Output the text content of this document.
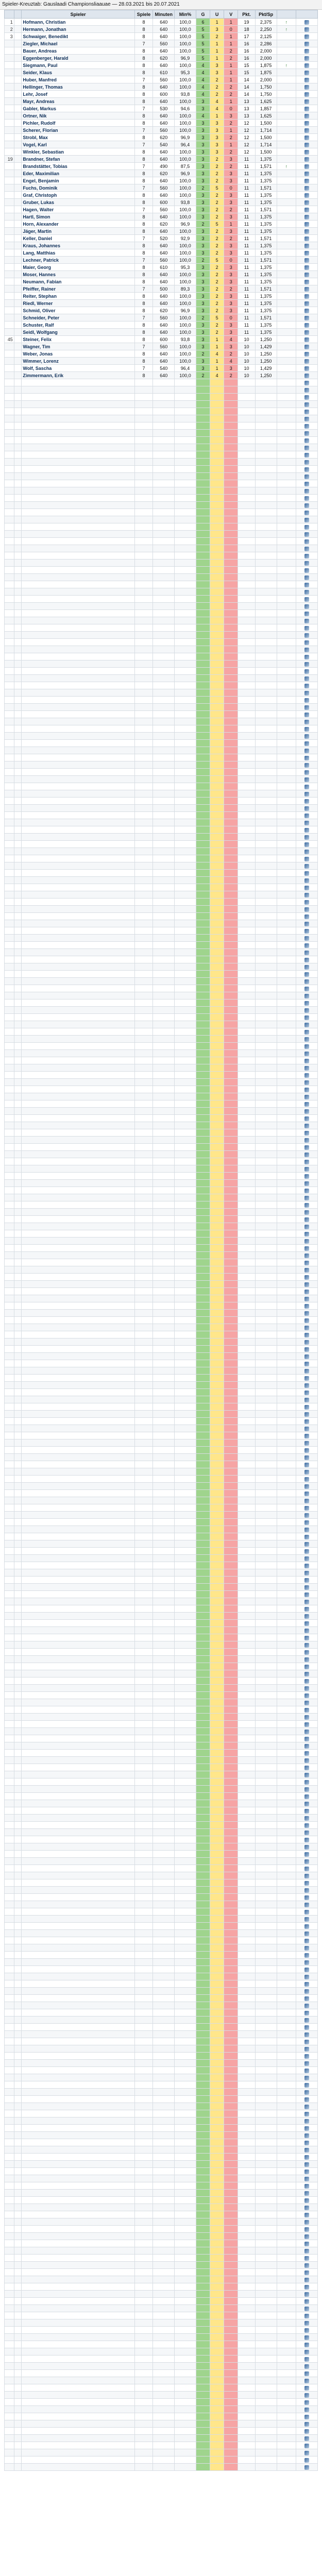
Spieler-Kreuztab: Gauslaadi Championsliaauae — 28.03.2021 bis 20.07.2021
		Spieler	Spiele	Minuten	Min%	G	U	V	Pkt.	Pkt/Sp		
1		Hofmann, Christian	8	640	100,0	6	1	1	19	2,375	↑	
2		Hermann, Jonathan	8	640	100,0	5	3	0	18	2,250	↑	
3		Schwaiger, Benedikt	8	640	100,0	5	2	1	17	2,125		
		Ziegler, Michael	7	560	100,0	5	1	1	16	2,286		
		Bauer, Andreas	8	640	100,0	5	1	2	16	2,000		
		Eggenberger, Harald	8	620	96,9	5	1	2	16	2,000		
		Siegmann, Paul	8	640	100,0	4	3	1	15	1,875	↑	
		Seider, Klaus	8	610	95,3	4	3	1	15	1,875		
		Huber, Manfred	7	560	100,0	4	2	1	14	2,000		
		Hellinger, Thomas	8	640	100,0	4	2	2	14	1,750		
		Lehr, Josef	8	600	93,8	4	2	2	14	1,750		
		Mayr, Andreas	8	640	100,0	3	4	1	13	1,625		
		Gabler, Markus	7	530	94,6	3	4	0	13	1,857		
		Ortner, Nik	8	640	100,0	4	1	3	13	1,625		
		Pichler, Rudolf	8	640	100,0	3	3	2	12	1,500		
		Scherer, Florian	7	560	100,0	3	3	1	12	1,714		
		Strobl, Max	8	620	96,9	3	3	2	12	1,500		
		Vogel, Karl	7	540	96,4	3	3	1	12	1,714		
		Winkler, Sebastian	8	640	100,0	3	3	2	12	1,500		
19		Brandner, Stefan	8	640	100,0	3	2	3	11	1,375		
		Brandstätter, Tobias	7	490	87,5	3	2	2	11	1,571	↑	
		Eder, Maximilian	8	620	96,9	3	2	3	11	1,375		
		Engel, Benjamin	8	640	100,0	3	2	3	11	1,375		
		Fuchs, Dominik	7	560	100,0	2	5	0	11	1,571		
		Graf, Christoph	8	640	100,0	3	2	3	11	1,375		
		Gruber, Lukas	8	600	93,8	3	2	3	11	1,375		
		Hagen, Walter	7	560	100,0	3	2	2	11	1,571		
		Hartl, Simon	8	640	100,0	3	2	3	11	1,375		
		Horn, Alexander	8	620	96,9	2	5	1	11	1,375		
		Jäger, Martin	8	640	100,0	3	2	3	11	1,375		
		Keller, Daniel	7	520	92,9	3	2	2	11	1,571		
		Kraus, Johannes	8	640	100,0	3	2	3	11	1,375		
		Lang, Matthias	8	640	100,0	3	2	3	11	1,375		
		Lechner, Patrick	7	560	100,0	2	5	0	11	1,571		
		Maier, Georg	8	610	95,3	3	2	3	11	1,375		
		Moser, Hannes	8	640	100,0	3	2	3	11	1,375		
		Neumann, Fabian	8	640	100,0	3	2	3	11	1,375		
		Pfeiffer, Rainer	7	500	89,3	3	2	2	11	1,571		
		Reiter, Stephan	8	640	100,0	3	2	3	11	1,375		
		Riedl, Werner	8	640	100,0	3	2	3	11	1,375		
		Schmid, Oliver	8	620	96,9	3	2	3	11	1,375		
		Schneider, Peter	7	560	100,0	2	5	0	11	1,571		
		Schuster, Ralf	8	640	100,0	3	2	3	11	1,375		
		Seidl, Wolfgang	8	640	100,0	3	2	3	11	1,375		
45		Steiner, Felix	8	600	93,8	3	1	4	10	1,250		
		Wagner, Tim	7	560	100,0	3	1	3	10	1,429		
		Weber, Jonas	8	640	100,0	2	4	2	10	1,250		
		Wimmer, Lorenz	8	640	100,0	3	1	4	10	1,250		
		Wolf, Sascha	7	540	96,4	3	1	3	10	1,429		
		Zimmermann, Erik	8	640	100,0	2	4	2	10	1,250		
